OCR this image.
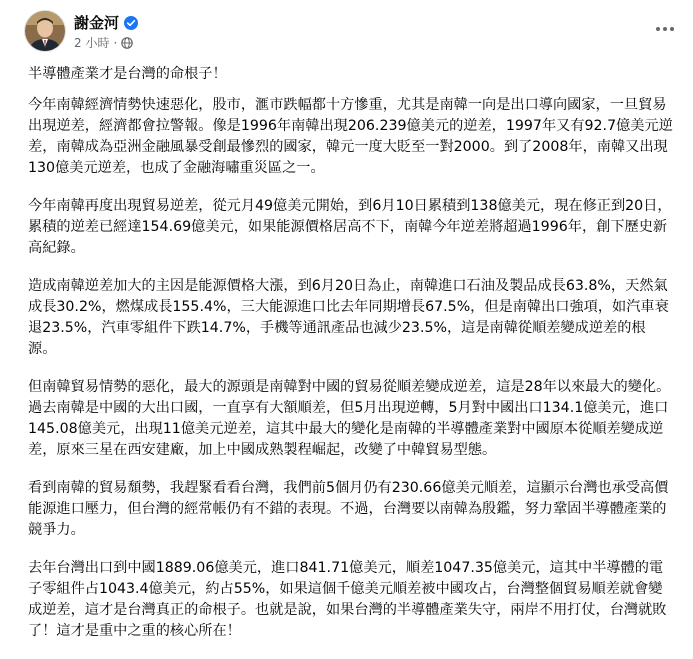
謝金河
2 小時 ·

半導體產業才是台灣的命根子！

今年南韓經濟情勢快速惡化，股市，滙市跌幅都十方慘重，尤其是南韓一向是出口導向國家，一旦貿易出現逆差，經濟都會拉警報。像是1996年南韓出現206.239億美元的逆差，1997年又有92.7億美元逆差，南韓成為亞洲金融風暴受創最慘烈的國家，韓元一度大貶至一對2000。到了2008年，南韓又出現130億美元逆差，也成了金融海嘯重災區之一。

今年南韓再度出現貿易逆差，從元月49億美元開始，到6月10日累積到138億美元，現在修正到20日，累積的逆差已經達154.69億美元，如果能源價格居高不下，南韓今年逆差將超過1996年，創下歷史新高紀錄。

造成南韓逆差加大的主因是能源價格大漲，到6月20日為止，南韓進口石油及製品成長63.8%，天然氣成長30.2%，燃煤成長155.4%，三大能源進口比去年同期增長67.5%，但是南韓出口強項，如汽車衰退23.5%，汽車零組件下跌14.7%，手機等通訊產品也減少23.5%，這是南韓從順差變成逆差的根源。

但南韓貿易情勢的惡化，最大的源頭是南韓對中國的貿易從順差變成逆差，這是28年以來最大的變化。過去南韓是中國的大出口國，一直享有大額順差，但5月出現逆轉，5月對中國出口134.1億美元，進口145.08億美元，出現11億美元逆差，這其中最大的變化是南韓的半導體產業對中國原本從順差變成逆差，原來三星在西安建廠，加上中國成熟製程崛起，改變了中韓貿易型態。

看到南韓的貿易頹勢，我趕緊看看台灣，我們前5個月仍有230.66億美元順差，這顯示台灣也承受高價能源進口壓力，但台灣的經常帳仍有不錯的表現。不過，台灣要以南韓為殷鑑，努力鞏固半導體產業的競爭力。

去年台灣出口到中國1889.06億美元，進口841.71億美元，順差1047.35億美元，這其中半導體的電子零組件占1043.4億美元，約占55%，如果這個千億美元順差被中國攻占，台灣整個貿易順差就會變成逆差，這才是台灣真正的命根子。也就是說，如果台灣的半導體產業失守，兩岸不用打仗，台灣就敗了！這才是重中之重的核心所在！
